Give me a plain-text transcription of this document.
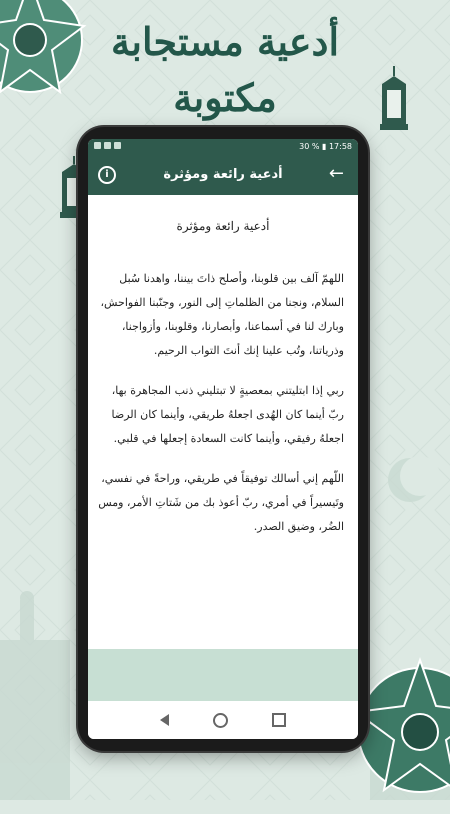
أدعية مستجابة
مكتوبة
30 % ▮ 17:58
i	أدعية رائعة ومؤثرة	←
أدعية رائعة ومؤثرة

اللهمّ آلف بين قلوبنا، وأصلح ذاتَ بيننا، واهدنا سُبل السلام، ونجنا من الظلماتِ إلى النور، وجنّبنا الفواحش، وبارك لنا في أسماعنا، وأبصارنا، وقلوبنا، وأزواجنا، وذرياتنا، وتُب علينا إنك أنتَ التواب الرحيم.

ربي إذا ابتليتني بمعصيةٍ لا تبتليني ذنب المجاهرة بها، ربّ أينما كان الهُدى اجعلهُ طريقي، وأينما كان الرضا اجعلهُ رفيقي، وأينما كانت السعادة إجعلها في قلبي.

اللّهم إني أسالك توفيقاً في طريقي، وراحةً في نفسي، وتَيسيراً في أمري، ربّ أعوذ بك من شَتاتِ الأمر، ومس الضُر، وضيق الصدر.
